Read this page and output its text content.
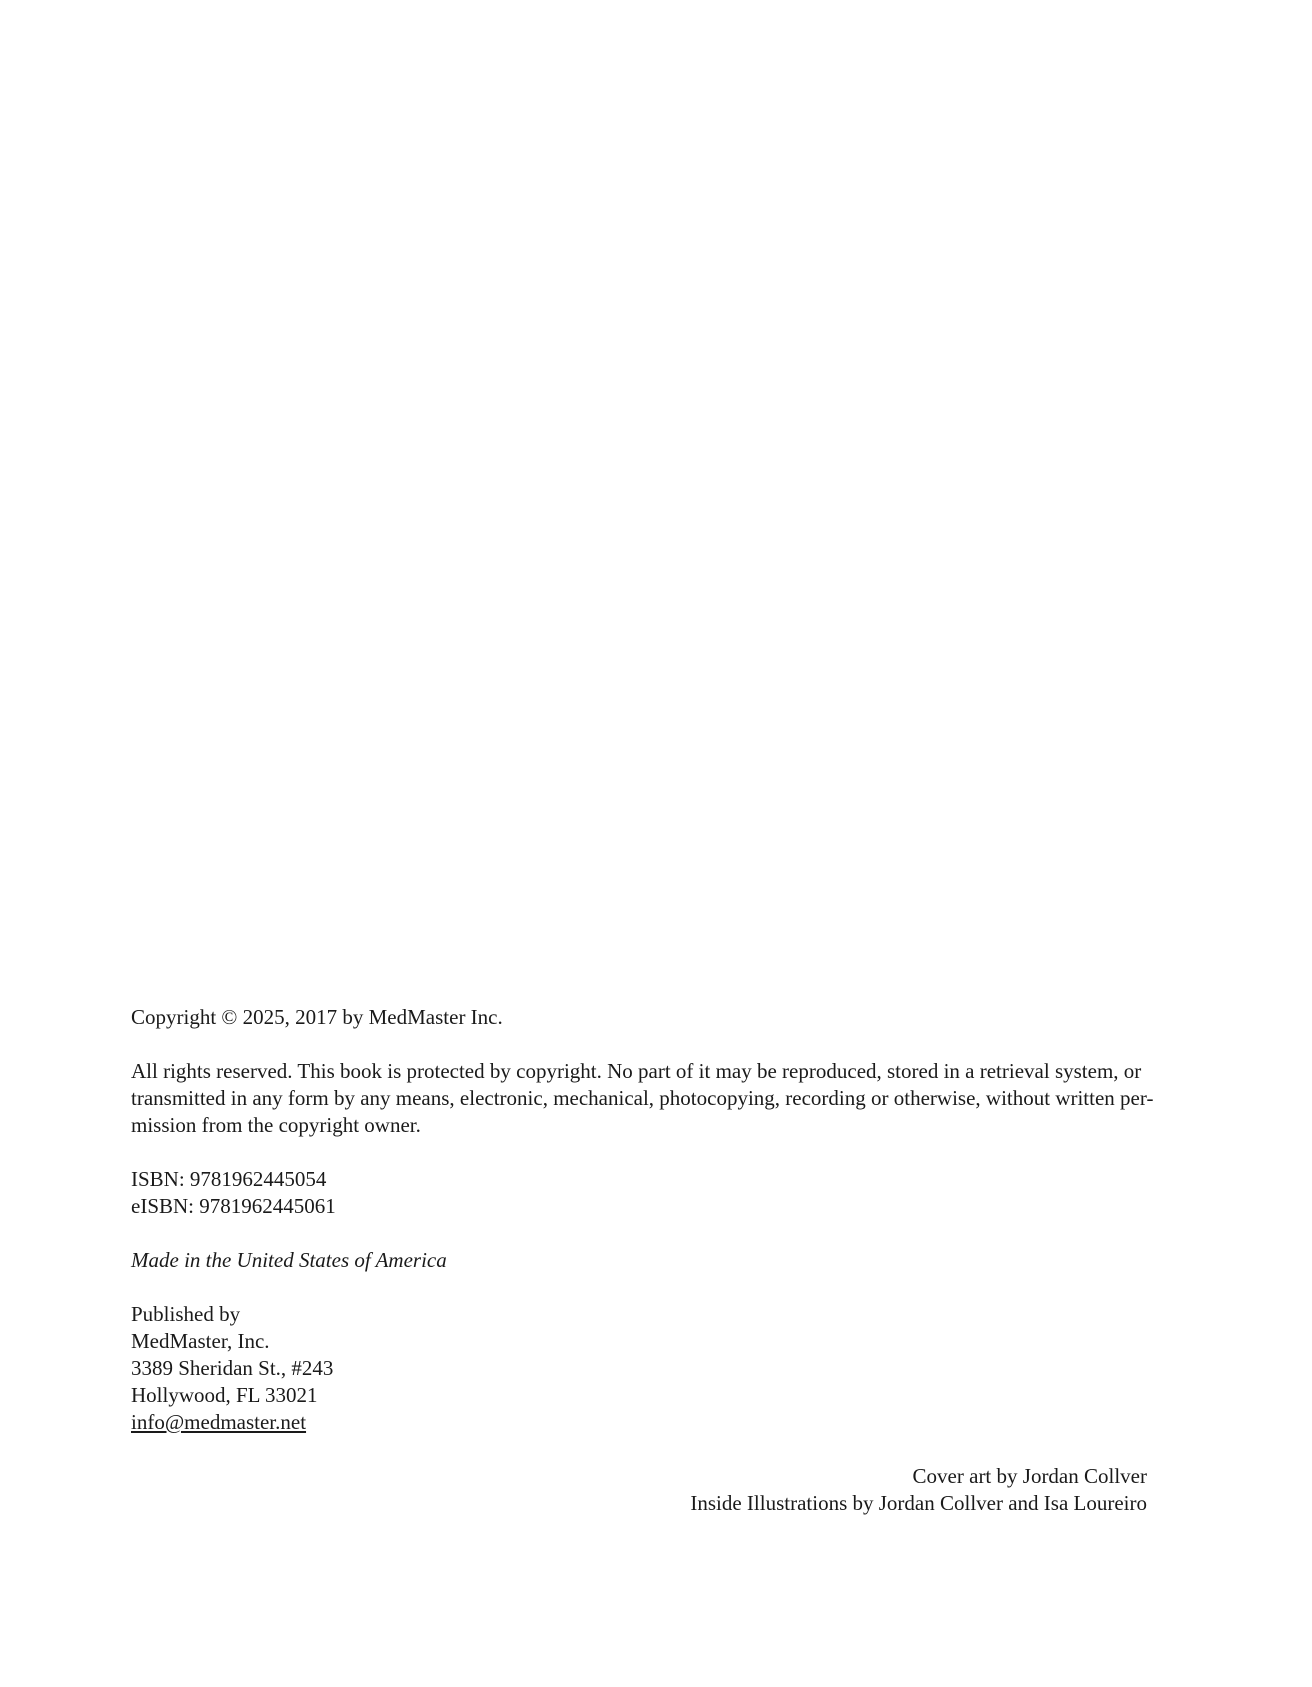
Copyright © 2025, 2017 by MedMaster Inc.

All rights reserved. This book is protected by copyright. No part of it may be reproduced, stored in a retrieval system, or
transmitted in any form by any means, electronic, mechanical, photocopying, recording or otherwise, without written per-
mission from the copyright owner.

ISBN: 9781962445054
eISBN: 9781962445061

Made in the United States of America

Published by
MedMaster, Inc.
3389 Sheridan St., #243
Hollywood, FL 33021
info@medmaster.net

Cover art by Jordan Collver
Inside Illustrations by Jordan Collver and Isa Loureiro
